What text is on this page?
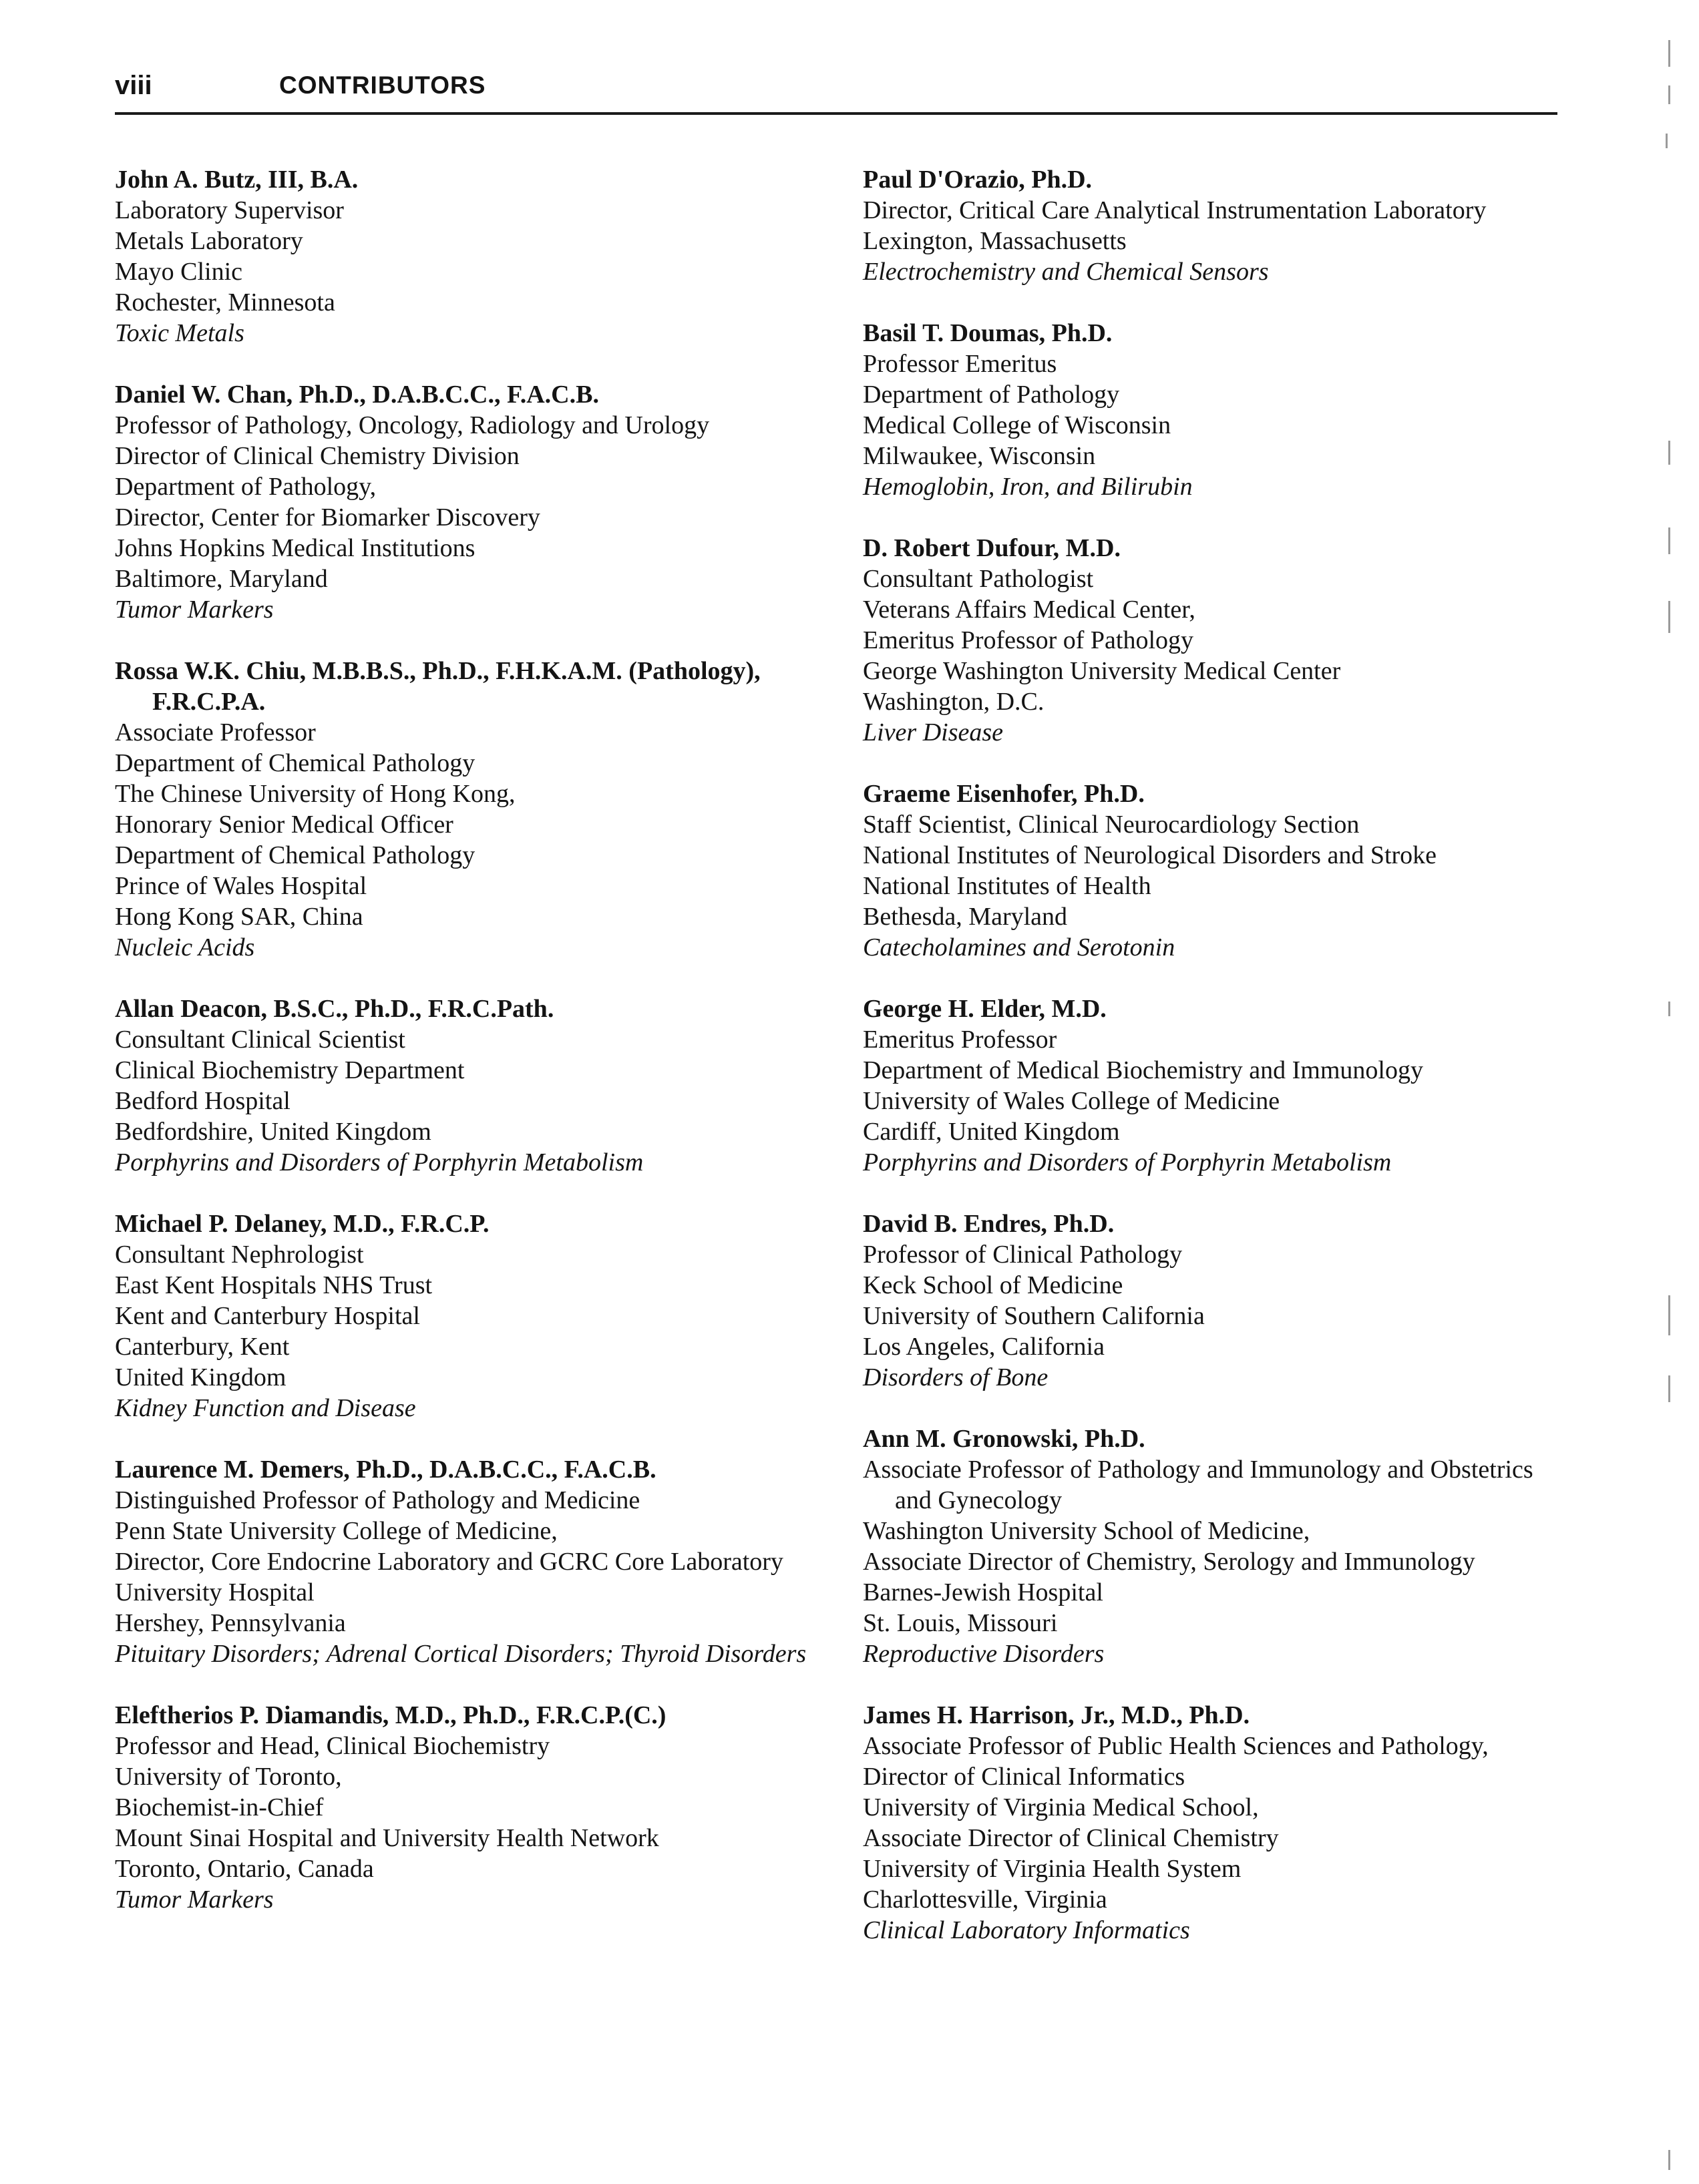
viii	CONTRIBUTORS
John A. Butz, III, B.A.
Laboratory Supervisor
Metals Laboratory
Mayo Clinic
Rochester, Minnesota
Toxic Metals
Daniel W. Chan, Ph.D., D.A.B.C.C., F.A.C.B.
Professor of Pathology, Oncology, Radiology and Urology
Director of Clinical Chemistry Division
Department of Pathology,
Director, Center for Biomarker Discovery
Johns Hopkins Medical Institutions
Baltimore, Maryland
Tumor Markers
Rossa W.K. Chiu, M.B.B.S., Ph.D., F.H.K.A.M. (Pathology), F.R.C.P.A.
Associate Professor
Department of Chemical Pathology
The Chinese University of Hong Kong,
Honorary Senior Medical Officer
Department of Chemical Pathology
Prince of Wales Hospital
Hong Kong SAR, China
Nucleic Acids
Allan Deacon, B.S.C., Ph.D., F.R.C.Path.
Consultant Clinical Scientist
Clinical Biochemistry Department
Bedford Hospital
Bedfordshire, United Kingdom
Porphyrins and Disorders of Porphyrin Metabolism
Michael P. Delaney, M.D., F.R.C.P.
Consultant Nephrologist
East Kent Hospitals NHS Trust
Kent and Canterbury Hospital
Canterbury, Kent
United Kingdom
Kidney Function and Disease
Laurence M. Demers, Ph.D., D.A.B.C.C., F.A.C.B.
Distinguished Professor of Pathology and Medicine
Penn State University College of Medicine,
Director, Core Endocrine Laboratory and GCRC Core Laboratory
University Hospital
Hershey, Pennsylvania
Pituitary Disorders; Adrenal Cortical Disorders; Thyroid Disorders
Eleftherios P. Diamandis, M.D., Ph.D., F.R.C.P.(C.)
Professor and Head, Clinical Biochemistry
University of Toronto,
Biochemist-in-Chief
Mount Sinai Hospital and University Health Network
Toronto, Ontario, Canada
Tumor Markers
Paul D'Orazio, Ph.D.
Director, Critical Care Analytical Instrumentation Laboratory
Lexington, Massachusetts
Electrochemistry and Chemical Sensors
Basil T. Doumas, Ph.D.
Professor Emeritus
Department of Pathology
Medical College of Wisconsin
Milwaukee, Wisconsin
Hemoglobin, Iron, and Bilirubin
D. Robert Dufour, M.D.
Consultant Pathologist
Veterans Affairs Medical Center,
Emeritus Professor of Pathology
George Washington University Medical Center
Washington, D.C.
Liver Disease
Graeme Eisenhofer, Ph.D.
Staff Scientist, Clinical Neurocardiology Section
National Institutes of Neurological Disorders and Stroke
National Institutes of Health
Bethesda, Maryland
Catecholamines and Serotonin
George H. Elder, M.D.
Emeritus Professor
Department of Medical Biochemistry and Immunology
University of Wales College of Medicine
Cardiff, United Kingdom
Porphyrins and Disorders of Porphyrin Metabolism
David B. Endres, Ph.D.
Professor of Clinical Pathology
Keck School of Medicine
University of Southern California
Los Angeles, California
Disorders of Bone
Ann M. Gronowski, Ph.D.
Associate Professor of Pathology and Immunology and Obstetrics and Gynecology
Washington University School of Medicine,
Associate Director of Chemistry, Serology and Immunology
Barnes-Jewish Hospital
St. Louis, Missouri
Reproductive Disorders
James H. Harrison, Jr., M.D., Ph.D.
Associate Professor of Public Health Sciences and Pathology,
Director of Clinical Informatics
University of Virginia Medical School,
Associate Director of Clinical Chemistry
University of Virginia Health System
Charlottesville, Virginia
Clinical Laboratory Informatics
